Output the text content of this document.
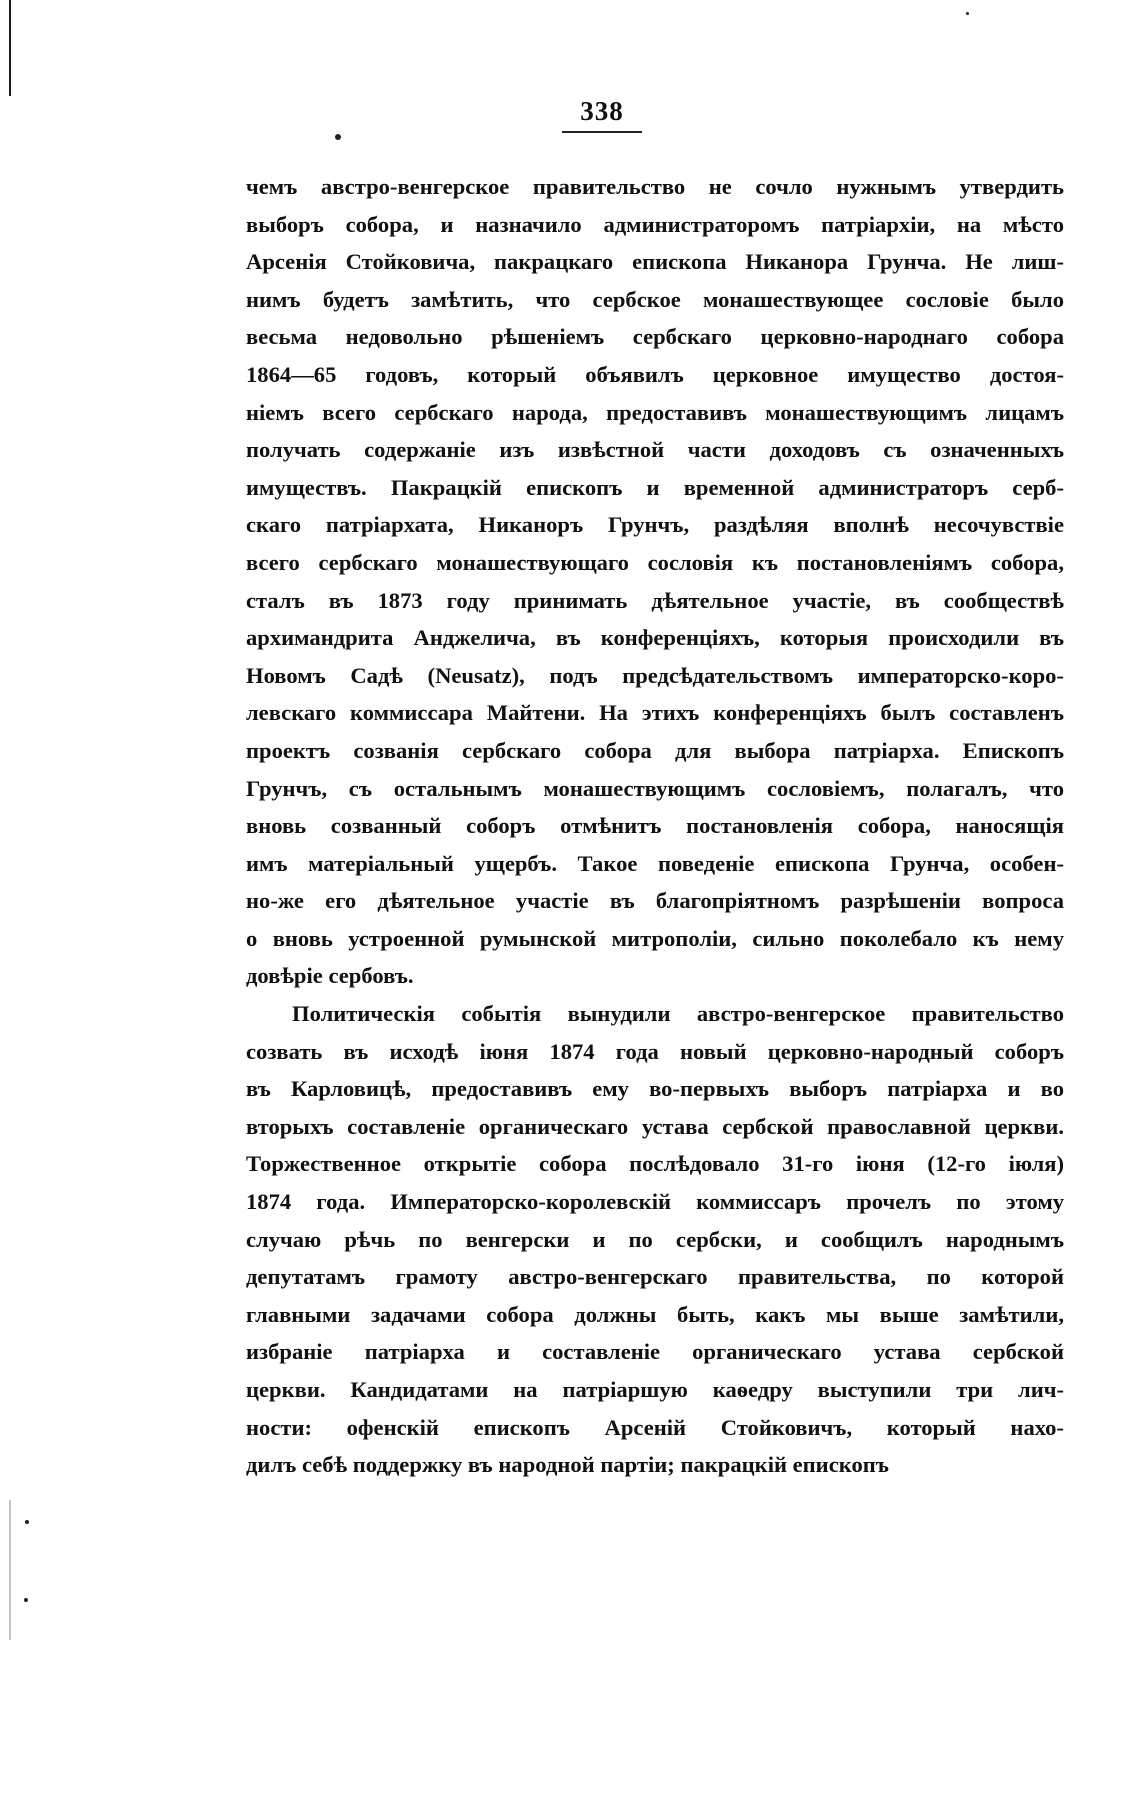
338
чемъ австро-венгерское правительство не сочло нужнымъ утвердить
выборъ собора, и назначило администраторомъ патріархіи, на мѣсто
Арсенія Стойковича, пакрацкаго епископа Никанора Грунча. Не лиш-
нимъ будетъ замѣтить, что сербское монашествующее сословіе было
весьма недовольно рѣшеніемъ сербскаго церковно-народнаго собора
1864—65 годовъ, который объявилъ церковное имущество достоя-
ніемъ всего сербскаго народа, предоставивъ монашествующимъ лицамъ
получать содержаніе изъ извѣстной части доходовъ съ означенныхъ
имуществъ. Пакрацкій епископъ и временной администраторъ серб-
скаго патріархата, Никаноръ Грунчъ, раздѣляя вполнѣ несочувствіе
всего сербскаго монашествующаго сословія къ постановленіямъ собора,
сталъ въ 1873 году принимать дѣятельное участіе, въ сообществѣ
архимандрита Анджелича, въ конференціяхъ, которыя происходили въ
Новомъ Садѣ (Neusatz), подъ предсѣдательствомъ императорско-коро-
левскаго коммиссара Майтени. На этихъ конференціяхъ былъ составленъ
проектъ созванія сербскаго собора для выбора патріарха. Епископъ
Грунчъ, съ остальнымъ монашествующимъ сословіемъ, полагалъ, что
вновь созванный соборъ отмѣнитъ постановленія собора, наносящія
имъ матеріальный ущербъ. Такое поведеніе епископа Грунча, особен-
но-же его дѣятельное участіе въ благопріятномъ разрѣшеніи вопроса
о вновь устроенной румынской митрополіи, сильно поколебало къ нему
довѣріе сербовъ.
Политическія событія вынудили австро-венгерское правительство
созвать въ исходѣ іюня 1874 года новый церковно-народный соборъ
въ Карловицѣ, предоставивъ ему во-первыхъ выборъ патріарха и во
вторыхъ составленіе органическаго устава сербской православной церкви.
Торжественное открытіе собора послѣдовало 31-го іюня (12-го іюля)
1874 года. Императорско-королевскій коммиссаръ прочелъ по этому
случаю рѣчь по венгерски и по сербски, и сообщилъ народнымъ
депутатамъ грамоту австро-венгерскаго правительства, по которой
главными задачами собора должны быть, какъ мы выше замѣтили,
избраніе патріарха и составленіе органическаго устава сербской
церкви. Кандидатами на патріаршую каѳедру выступили три лич-
ности: офенскій епископъ Арсеній Стойковичъ, который нахо-
дилъ себѣ поддержку въ народной партіи; пакрацкій епископъ
